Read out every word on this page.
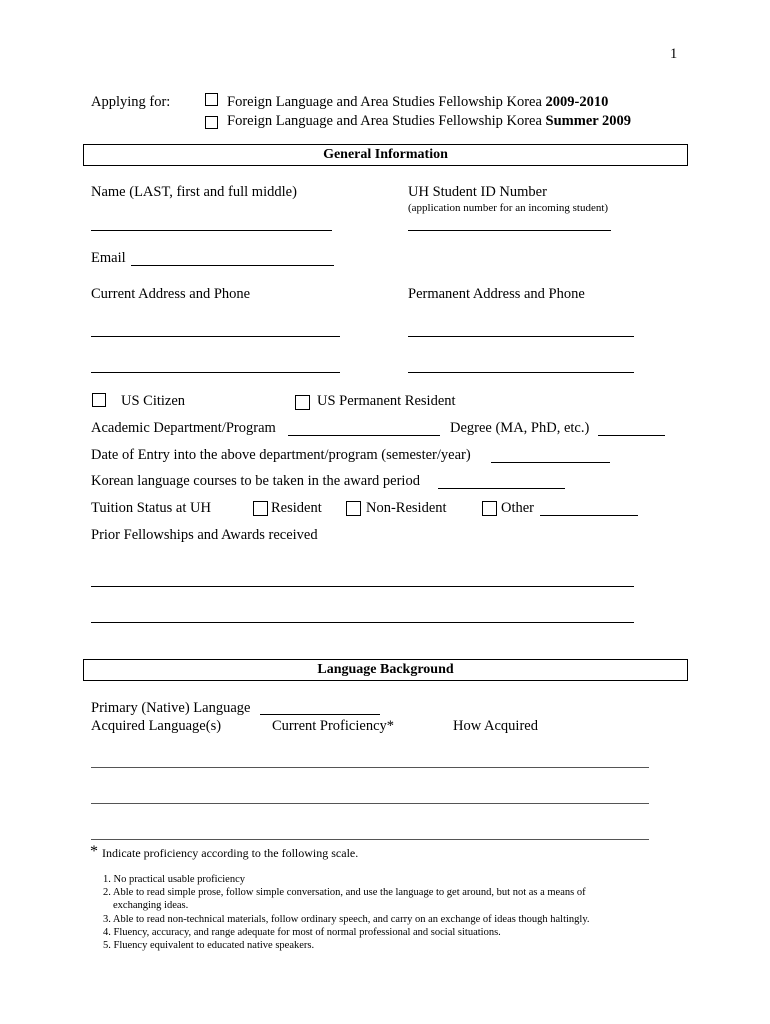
1
Applying for:	Foreign Language and Area Studies Fellowship Korea 2009-2010
Foreign Language and Area Studies Fellowship Korea Summer 2009
General Information
Name (LAST, first and full middle)	UH Student ID Number
(application number for an incoming student)
Email
Current Address and Phone	Permanent Address and Phone
US Citizen	US Permanent Resident
Academic Department/Program	Degree (MA, PhD, etc.)
Date of Entry into the above department/program (semester/year)
Korean language courses to be taken in the award period
Tuition Status at UH	Resident	Non-Resident	Other
Prior Fellowships and Awards received
Language Background
Primary (Native) Language
Acquired Language(s)	Current Proficiency*	How Acquired
* Indicate proficiency according to the following scale.
1. No practical usable proficiency
2. Able to read simple prose, follow simple conversation, and use the language to get around, but not as a means of
exchanging ideas.
3. Able to read non-technical materials, follow ordinary speech, and carry on an exchange of ideas though haltingly.
4. Fluency, accuracy, and range adequate for most of normal professional and social situations.
5. Fluency equivalent to educated native speakers.
